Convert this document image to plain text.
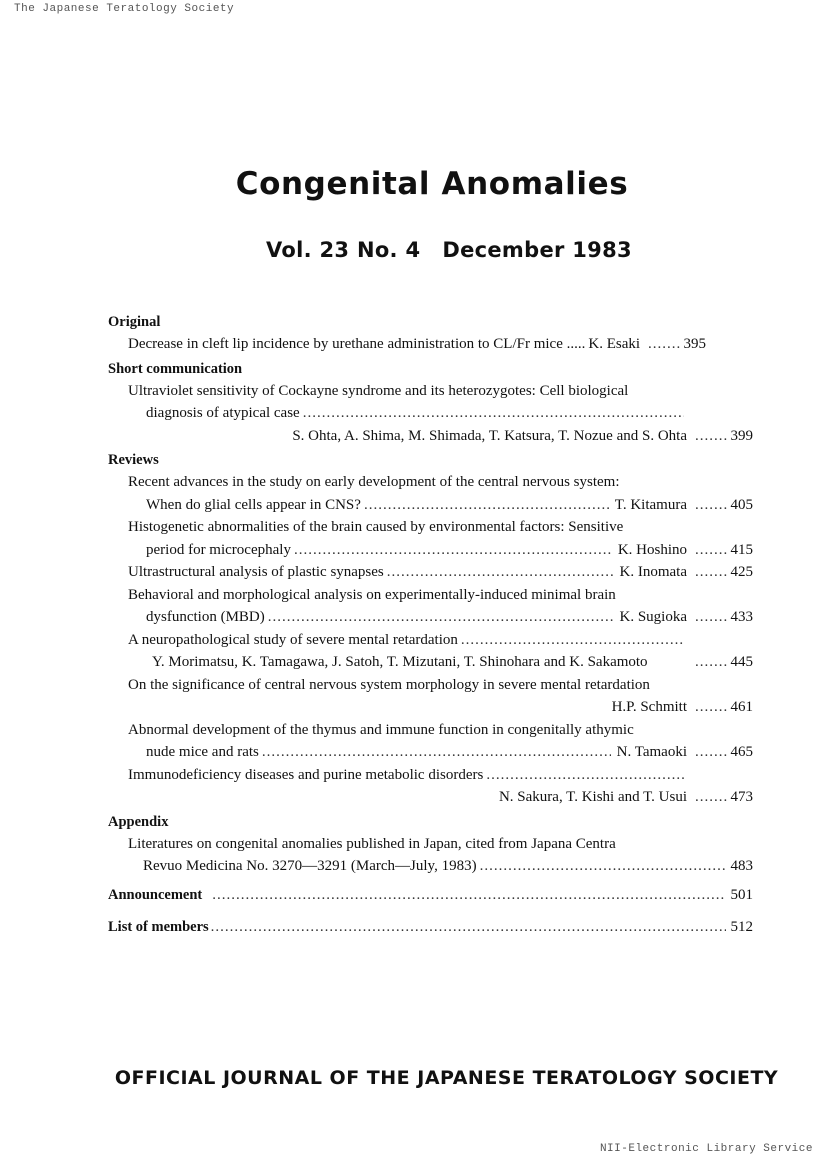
The Japanese Teratology Society
Congenital Anomalies
Vol. 23 No. 4 December 1983
Original
Decrease in cleft lip incidence by urethane administration to CL/Fr mice ..... K. Esaki .....	395
Short communication
Ultraviolet sensitivity of Cockayne syndrome and its heterozygotes: Cell biological
diagnosis of atypical case
.....
S. Ohta, A. Shima, M. Shimada, T. Katsura, T. Nozue and S. Ohta .....	399
Reviews
Recent advances in the study on early development of the central nervous system:
When do glial cells appear in CNS? .....	T. Kitamura .....	405
Histogenetic abnormalities of the brain caused by environmental factors: Sensitive
period for microcephaly .....	K. Hoshino .....	415
Ultrastructural analysis of plastic synapses .....	K. Inomata .....	425
Behavioral and morphological analysis on experimentally-induced minimal brain
dysfunction (MBD) .....	K. Sugioka .....	433
A neuropathological study of severe mental retardation
.....
Y. Morimatsu, K. Tamagawa, J. Satoh, T. Mizutani, T. Shinohara and K. Sakamoto .....	445
On the significance of central nervous system morphology in severe mental retardation
H.P. Schmitt .....	461
Abnormal development of the thymus and immune function in congenitally athymic
nude mice and rats .....	N. Tamaoki .....	465
Immunodeficiency diseases and purine metabolic disorders
.....
N. Sakura, T. Kishi and T. Usui .....	473
Appendix
Literatures on congenital anomalies published in Japan, cited from Japana Centra
Revuo Medicina No. 3270—3291 (March—July, 1983) .....	483
Announcement .....	501
List of members .....	512
OFFICIAL JOURNAL OF THE JAPANESE TERATOLOGY SOCIETY
NII-Electronic Library Service
